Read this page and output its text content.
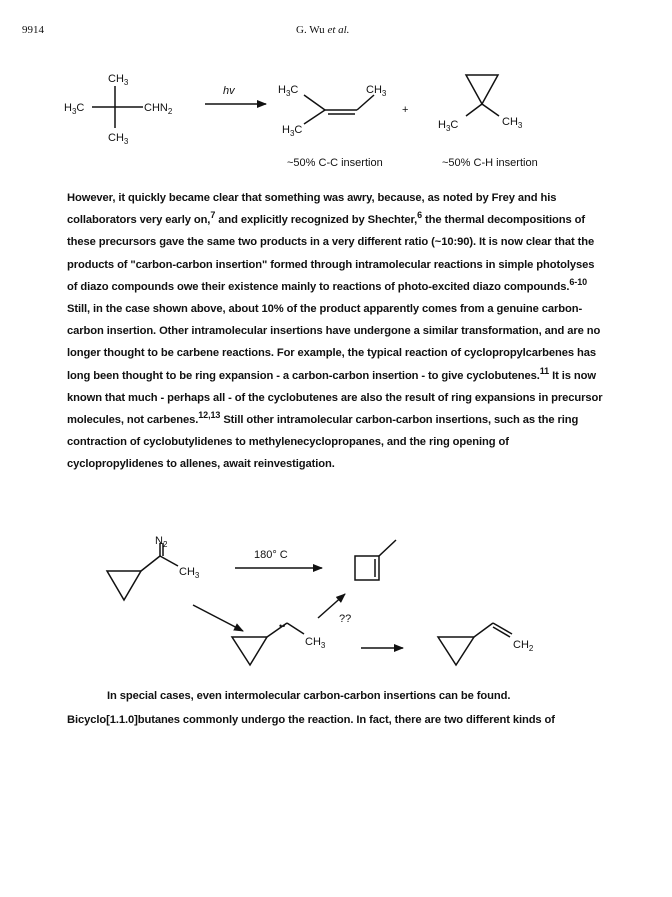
9914	G. Wu et al.
$CH_3$
$H_3C$	$CHN_2$
$CH_3$
hv	$H_3C$	$CH_3$
$H_3C$
+
$H_3C$	$CH_3$
~50% C-C insertion	~50% C-H insertion

However, it quickly became clear that something was awry, because, as noted by Frey and his collaborators very early on,$^7$ and explicitly recognized by Shechter,$^6$ the thermal decompositions of these precursors gave the same two products in a very different ratio (~10:90). It is now clear that the products of "carbon-carbon insertion" formed through intramolecular reactions in simple photolyses of diazo compounds owe their existence mainly to reactions of photo-excited diazo compounds.$^{6-10}$ Still, in the case shown above, about 10% of the product apparently comes from a genuine carbon-carbon insertion. Other intramolecular insertions have undergone a similar transformation, and are no longer thought to be carbene reactions. For example, the typical reaction of cyclopropylcarbenes has long been thought to be ring expansion - a carbon-carbon insertion - to give cyclobutenes.$^{11}$ It is now known that much - perhaps all - of the cyclobutenes are also the result of ring expansions in precursor molecules, not carbenes.$^{12,13}$ Still other intramolecular carbon-carbon insertions, such as the ring contraction of cyclobutylidenes to methylenecyclopropanes, and the ring opening of cyclopropylidenes to allenes, await reinvestigation.

$N_2$
$CH_3$
180° C
??
••
$CH_3$	$CH_2$

In special cases, even intermolecular carbon-carbon insertions can be found. Bicyclo[1.1.0]butanes commonly undergo the reaction. In fact, there are two different kinds of
